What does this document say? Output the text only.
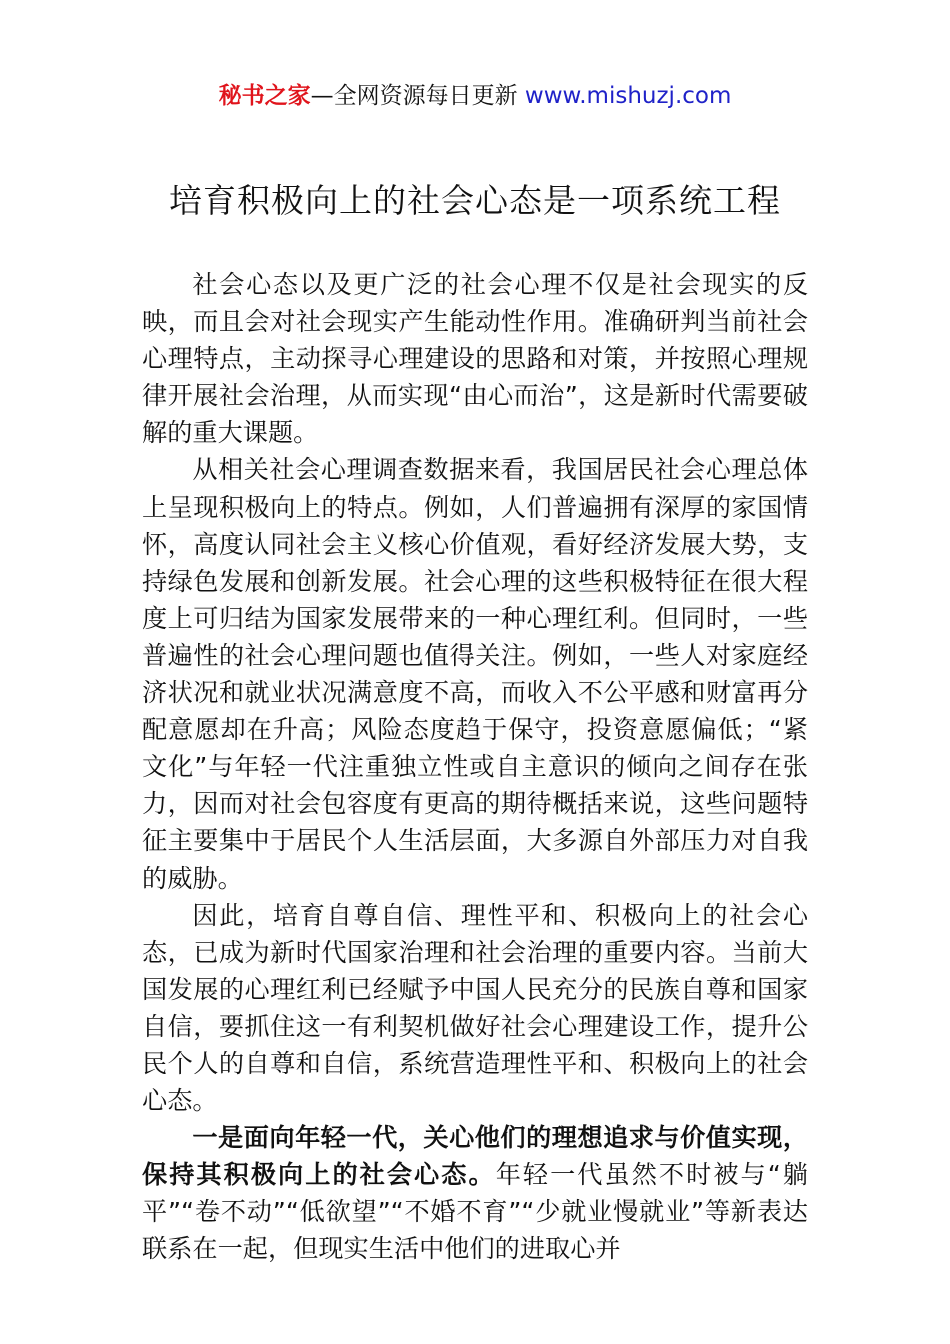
秘书之家—全网资源每日更新 www.mishuzj.com
培育积极向上的社会心态是一项系统工程

社会心态以及更广泛的社会心理不仅是社会现实的反映，而且会对社会现实产生能动性作用。准确研判当前社会心理特点，主动探寻心理建设的思路和对策，并按照心理规律开展社会治理，从而实现“由心而治”，这是新时代需要破解的重大课题。

从相关社会心理调查数据来看，我国居民社会心理总体上呈现积极向上的特点。例如，人们普遍拥有深厚的家国情怀，高度认同社会主义核心价值观，看好经济发展大势，支持绿色发展和创新发展。社会心理的这些积极特征在很大程度上可归结为国家发展带来的一种心理红利。但同时，一些普遍性的社会心理问题也值得关注。例如，一些人对家庭经济状况和就业状况满意度不高，而收入不公平感和财富再分配意愿却在升高；风险态度趋于保守，投资意愿偏低；“紧文化”与年轻一代注重独立性或自主意识的倾向之间存在张力，因而对社会包容度有更高的期待概括来说，这些问题特征主要集中于居民个人生活层面，大多源自外部压力对自我的威胁。

因此，培育自尊自信、理性平和、积极向上的社会心态，已成为新时代国家治理和社会治理的重要内容。当前大国发展的心理红利已经赋予中国人民充分的民族自尊和国家自信，要抓住这一有利契机做好社会心理建设工作，提升公民个人的自尊和自信，系统营造理性平和、积极向上的社会心态。

一是面向年轻一代，关心他们的理想追求与价值实现，保持其积极向上的社会心态。年轻一代虽然不时被与“躺平”“卷不动”“低欲望”“不婚不育”“少就业慢就业”等新表达联系在一起，但现实生活中他们的进取心并
